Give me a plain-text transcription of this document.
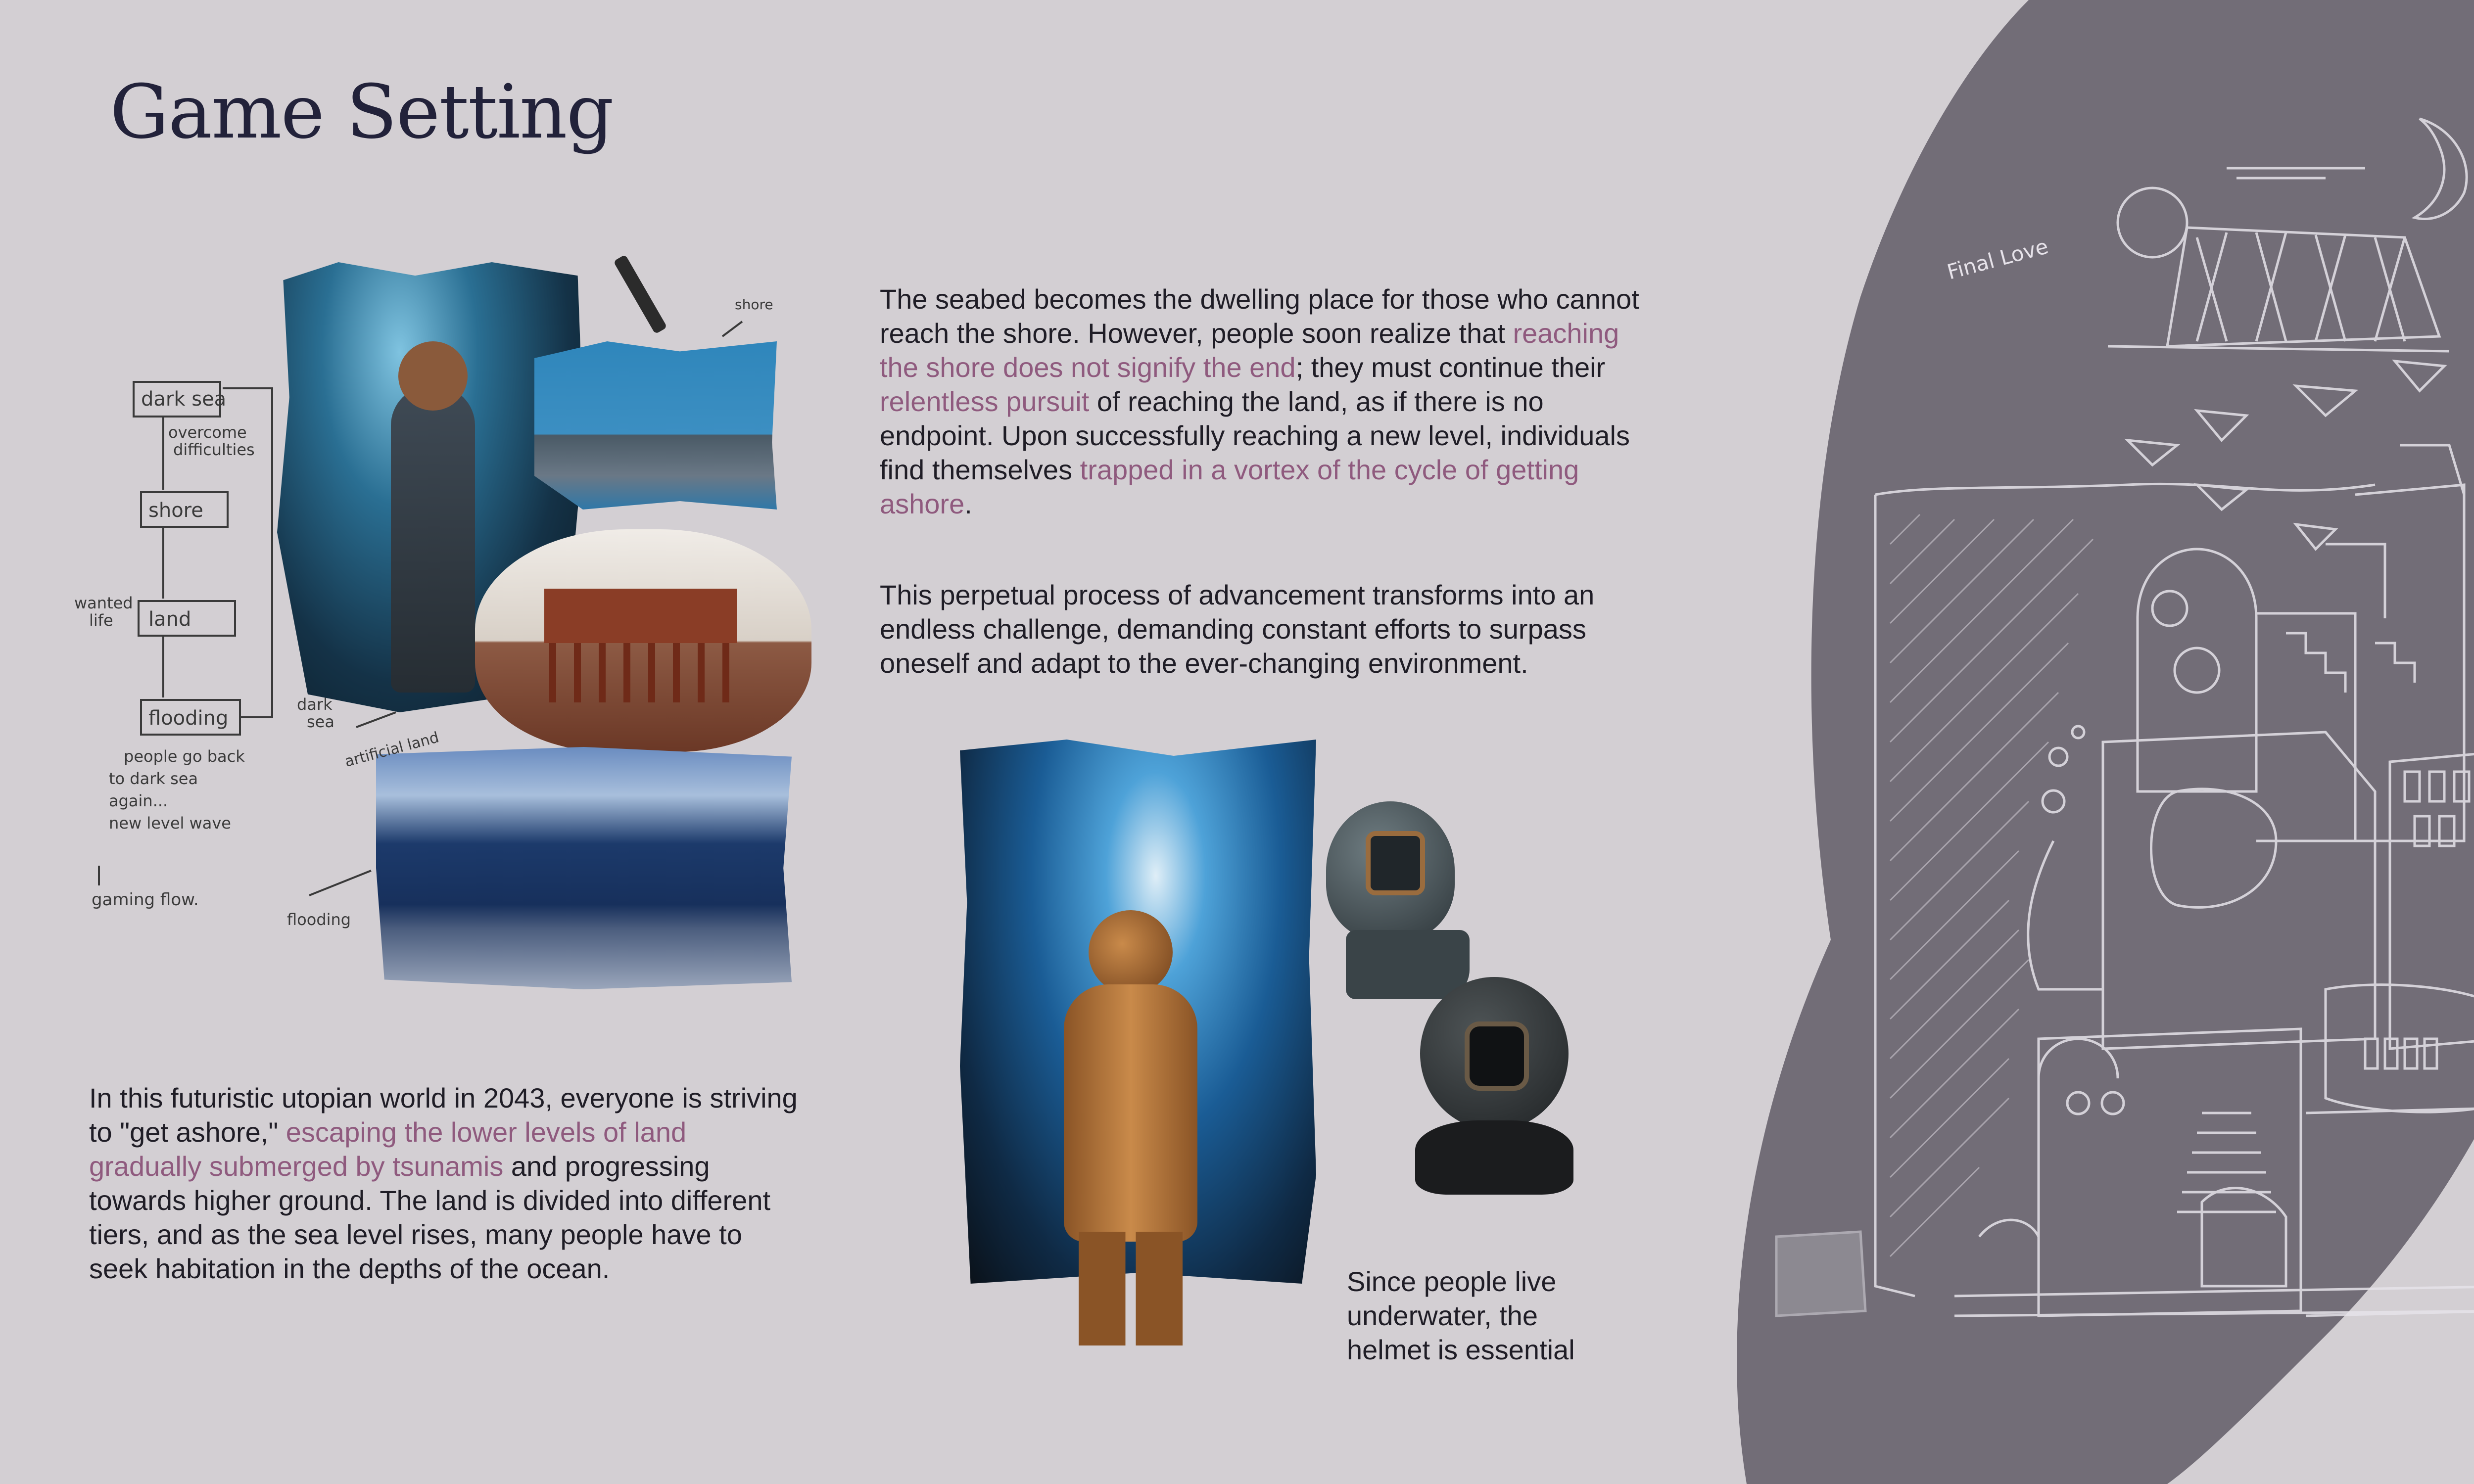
Game Setting
Final Love
dark sea
overcome
difficulties
shore
wanted
life land
flooding
people go back
to dark sea
again...
new level wave
gaming flow.
shore
dark
sea
artificial land
flooding

The seabed becomes the dwelling place for those who cannot reach the shore. However, people soon realize that reaching the shore does not signify the end; they must continue their relentless pursuit of reaching the land, as if there is no endpoint. Upon successfully reaching a new level, individuals find themselves trapped in a vortex of the cycle of getting ashore.

This perpetual process of advancement transforms into an endless challenge, demanding constant efforts to surpass oneself and adapt to the ever-changing environment.

In this futuristic utopian world in 2043, everyone is striving to "get ashore," escaping the lower levels of land gradually submerged by tsunamis and progressing towards higher ground. The land is divided into different tiers, and as the sea level rises, many people have to seek habitation in the depths of the ocean.	Since people live underwater, the helmet is essential
